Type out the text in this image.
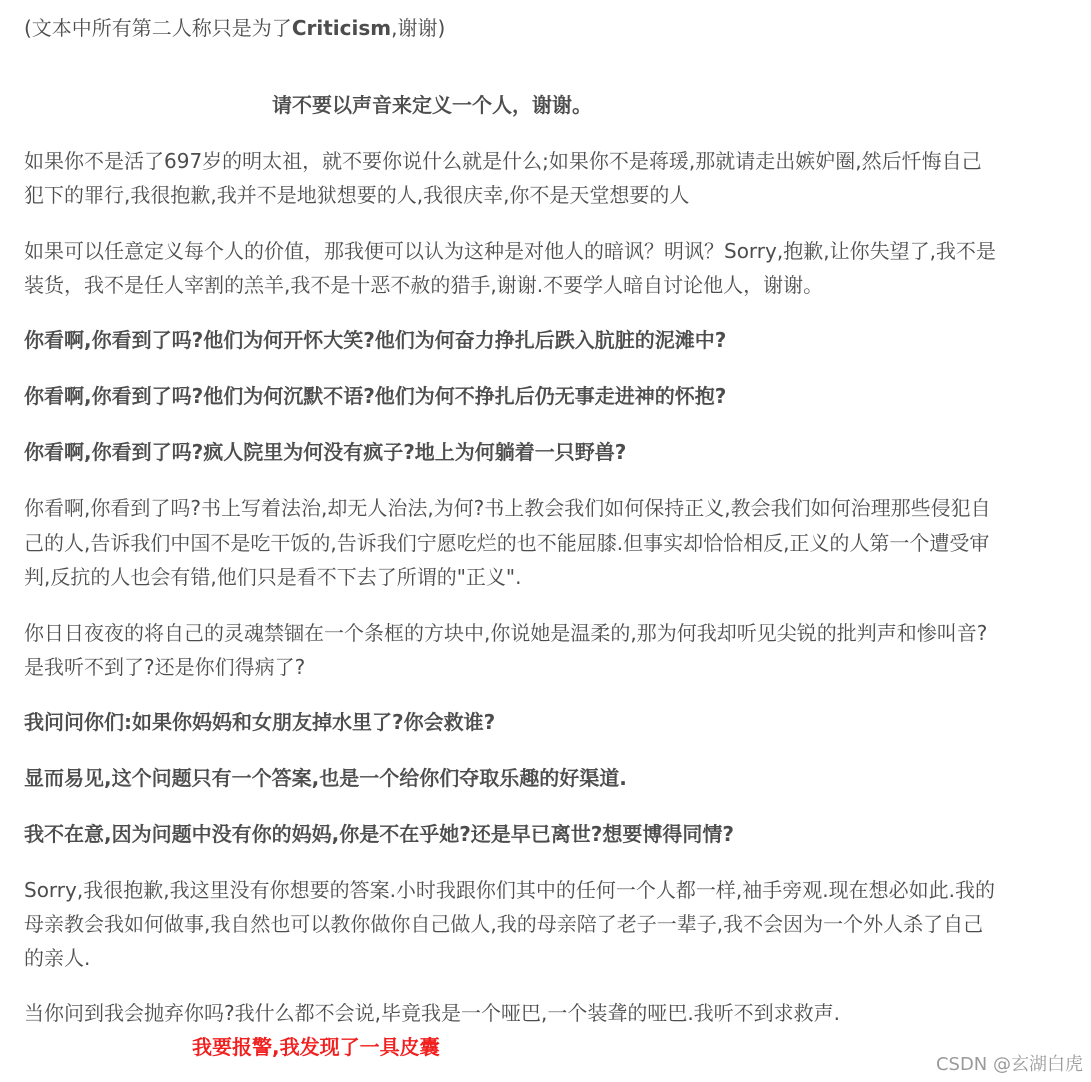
(文本中所有第二人称只是为了Criticism,谢谢)
请不要以声音来定义一个人，谢谢。
如果你不是活了697岁的明太祖，就不要你说什么就是什么;如果你不是蒋瑗,那就请走出嫉妒圈,然后忏悔自己
犯下的罪行,我很抱歉,我并不是地狱想要的人,我很庆幸,你不是天堂想要的人
如果可以任意定义每个人的价值，那我便可以认为这种是对他人的暗讽？明讽？Sorry,抱歉,让你失望了,我不是
装货，我不是任人宰割的羔羊,我不是十恶不赦的猎手,谢谢.不要学人暗自讨论他人，谢谢。
你看啊,你看到了吗?他们为何开怀大笑?他们为何奋力挣扎后跌入肮脏的泥滩中?
你看啊,你看到了吗?他们为何沉默不语?他们为何不挣扎后仍无事走进神的怀抱?
你看啊,你看到了吗?疯人院里为何没有疯子?地上为何躺着一只野兽?
你看啊,你看到了吗?书上写着法治,却无人治法,为何?书上教会我们如何保持正义,教会我们如何治理那些侵犯自
己的人,告诉我们中国不是吃干饭的,告诉我们宁愿吃烂的也不能屈膝.但事实却恰恰相反,正义的人第一个遭受审
判,反抗的人也会有错,他们只是看不下去了所谓的"正义".
你日日夜夜的将自己的灵魂禁锢在一个条框的方块中,你说她是温柔的,那为何我却听见尖锐的批判声和惨叫音?
是我听不到了?还是你们得病了?
我问问你们:如果你妈妈和女朋友掉水里了?你会救谁?
显而易见,这个问题只有一个答案,也是一个给你们夺取乐趣的好渠道.
我不在意,因为问题中没有你的妈妈,你是不在乎她?还是早已离世?想要博得同情?
Sorry,我很抱歉,我这里没有你想要的答案.小时我跟你们其中的任何一个人都一样,袖手旁观.现在想必如此.我的
母亲教会我如何做事,我自然也可以教你做你自己做人,我的母亲陪了老子一辈子,我不会因为一个外人杀了自己
的亲人.
当你问到我会抛弃你吗?我什么都不会说,毕竟我是一个哑巴,一个装聋的哑巴.我听不到求救声.
我要报警,我发现了一具皮囊
CSDN @玄湖白虎
